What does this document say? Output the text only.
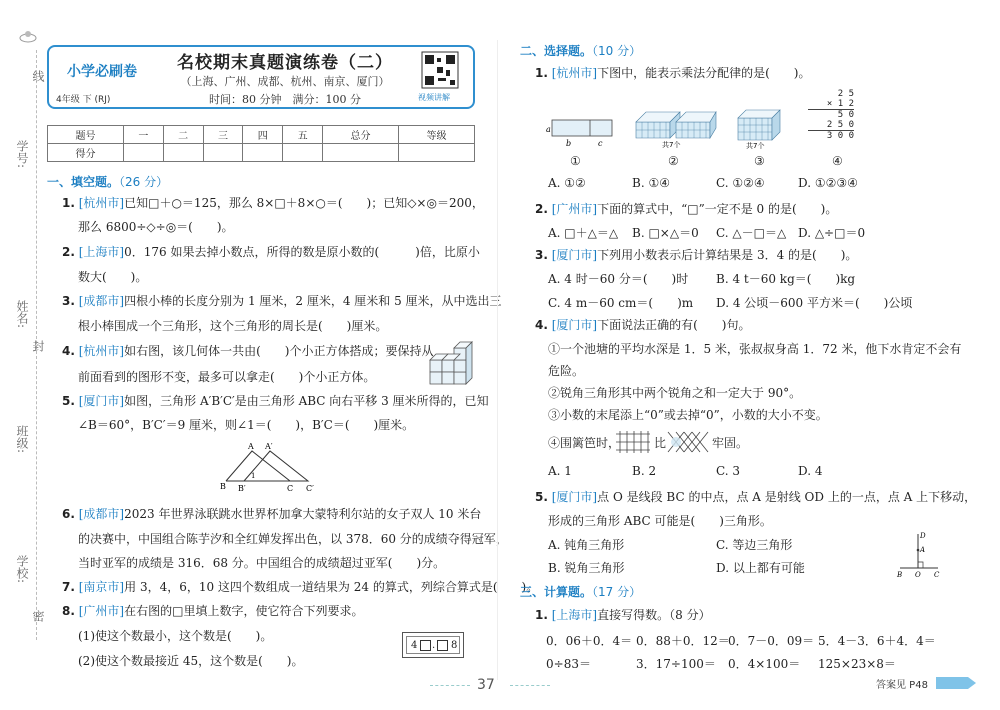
线
学号:
姓名:
封
班级:
学校:
密
小学必刷卷
4年级 下 (RJ)
名校期末真题演练卷（二）
（上海、广州、成都、杭州、南京、厦门）
时间：80 分钟　满分：100 分	视频讲解
题号	一	二	三	四	五	总分	等级
得分							
一、填空题。（26 分）
1. [杭州市]已知□＋○＝125，那么 8×□＋8×○＝(　　)；已知◇×◎＝200，
那么 6800÷◇÷◎＝(　　)。
2. [上海市]0．176 如果去掉小数点，所得的数是原小数的(　　　)倍，比原小
数大(　　)。
3. [成都市]四根小棒的长度分别为 1 厘米，2 厘米，4 厘米和 5 厘米，从中选出三
根小棒围成一个三角形，这个三角形的周长是(　　)厘米。
4. [杭州市]如右图，该几何体一共由(　　)个小正方体搭成；要保持从
前面看到的图形不变，最多可以拿走(　　)个小正方体。
5. [厦门市]如图，三角形 A′B′C′是由三角形 ABC 向右平移 3 厘米所得的，已知
∠B＝60°，B′C′＝9 厘米，则∠1＝(　　)，B′C＝(　　)厘米。
A A′
B B′	C C′
1
6. [成都市]2023 年世界泳联跳水世界杯加拿大蒙特利尔站的女子双人 10 米台
的决赛中，中国组合陈芋汐和全红婵发挥出色，以 378．60 分的成绩夺得冠军，
当时亚军的成绩是 316．68 分。中国组合的成绩超过亚军(　　)分。
7. [南京市]用 3，4，6，10 这四个数组成一道结果为 24 的算式，列综合算式是(　　)。
8. [广州市]在右图的□里填上数字，使它符合下列要求。
(1)使这个数最小，这个数是(　　)。
(2)使这个数最接近 45，这个数是(　　)。
4 . 8
二、选择题。（10 分）
1. [杭州市]下图中，能表示乘法分配律的是(　　)。
a
b	c	共7个	共7个
2 5
× 1 2
5 0
2 5 0
3 0 0
①	②	③	④
A. ①②	B. ①④	C. ①②④	D. ①②③④
2. [广州市]下面的算式中，“□”一定不是 0 的是(　　)。
A. □＋△＝△ B. □×△＝0 C. △－□＝△ D. △÷□＝0
3. [厦门市]下列用小数表示后计算结果是 3．4 的是(　　)。
A. 4 时－60 分＝(　　)时 B. 4 t－60 kg＝(　　)kg
C. 4 m－60 cm＝(　　)m D. 4 公顷－600 平方米＝(　　)公顷
4. [厦门市]下面说法正确的有(　　)句。
①一个池塘的平均水深是 1．5 米，张叔叔身高 1．72 米，他下水肯定不会有
危险。
②锐角三角形其中两个锐角之和一定大于 90°。
③小数的末尾添上“0”或去掉“0”，小数的大小不变。
④围篱笆时，	比	牢固。
A. 1	B. 2	C. 3	D. 4
5. [厦门市]点 O 是线段 BC 的中点，点 A 是射线 OD 上的一点，点 A 上下移动，
形成的三角形 ABC 可能是(　　)三角形。
A. 钝角三角形	C. 等边三角形
B. 锐角三角形	D. 以上都有可能
D
A
B O C
三、计算题。（17 分）
1. [上海市]直接写得数。（8 分）
0．06＋0．4＝ 0．88＋0．12＝
0．7－0．09＝ 5．4－3．6＋4．4＝
0÷83＝	3．17÷100＝ 0．4×100＝ 125×23×8＝
37	答案见 P48
